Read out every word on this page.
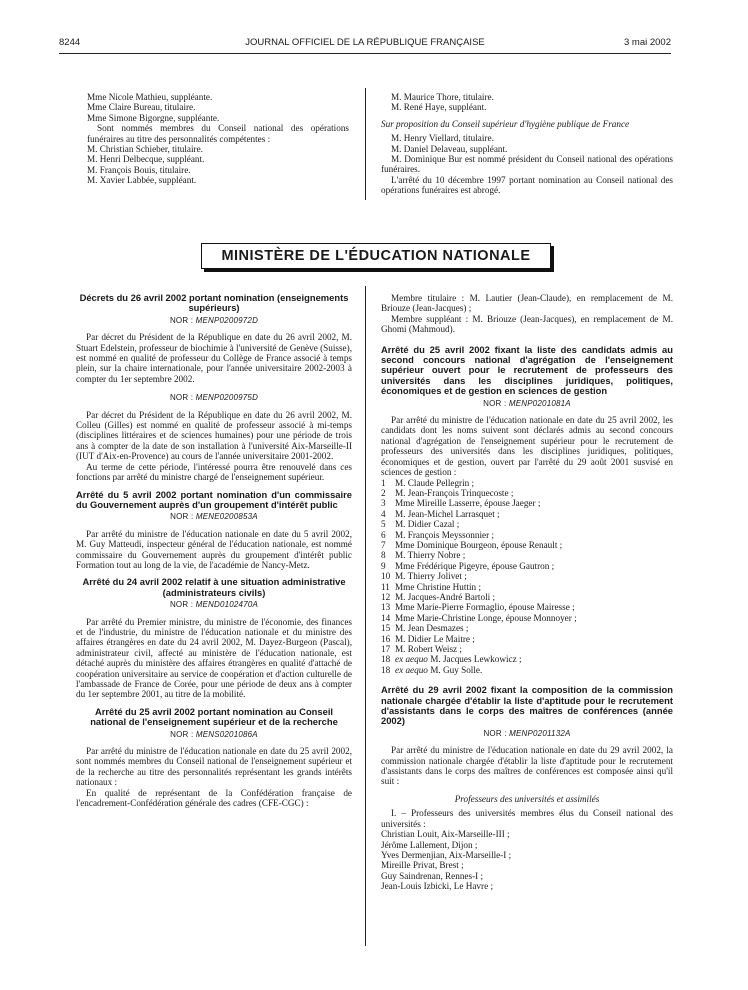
8244	JOURNAL OFFICIEL DE LA RÉPUBLIQUE FRANÇAISE	3 mai 2002

Mme Nicole Mathieu, suppléante.

Mme Claire Bureau, titulaire.

Mme Simone Bigorgne, suppléante.

Sont nommés membres du Conseil national des opérations funéraires au titre des personnalités compétentes :

M. Christian Schieber, titulaire.

M. Henri Delbecque, suppléant.

M. François Bouis, titulaire.

M. Xavier Labbée, suppléant.

M. Maurice Thore, titulaire.

M. René Haye, suppléant.

Sur proposition du Conseil supérieur d'hygiène publique de France

M. Henry Viellard, titulaire.

M. Daniel Delaveau, suppléant.

M. Dominique Bur est nommé président du Conseil national des opérations funéraires.

L'arrêté du 10 décembre 1997 portant nomination au Conseil national des opérations funéraires est abrogé.

MINISTÈRE DE L'ÉDUCATION NATIONALE
Décrets du 26 avril 2002 portant nomination (enseignements supérieurs)
NOR : MENP0200972D

Par décret du Président de la République en date du 26 avril 2002, M. Stuart Edelstein, professeur de biochimie à l'université de Genève (Suisse), est nommé en qualité de professeur du Collège de France associé à temps plein, sur la chaire internationale, pour l'année universitaire 2002-2003 à compter du 1er septembre 2002.

NOR : MENP0200975D

Par décret du Président de la République en date du 26 avril 2002, M. Colleu (Gilles) est nommé en qualité de professeur associé à mi-temps (disciplines littéraires et de sciences humaines) pour une période de trois ans à compter de la date de son installation à l'université Aix-Marseille-II (IUT d'Aix-en-Provence) au cours de l'année universitaire 2001-2002.

Au terme de cette période, l'intéressé pourra être renouvelé dans ces fonctions par arrêté du ministre chargé de l'enseignement supérieur.

Arrêté du 5 avril 2002 portant nomination d'un commissaire du Gouvernement auprès d'un groupement d'intérêt public
NOR : MENE0200853A

Par arrêté du ministre de l'éducation nationale en date du 5 avril 2002, M. Guy Matteudi, inspecteur général de l'éducation nationale, est nommé commissaire du Gouvernement auprès du groupement d'intérêt public Formation tout au long de la vie, de l'académie de Nancy-Metz.

Arrêté du 24 avril 2002 relatif à une situation administrative (administrateurs civils)
NOR : MEND0102470A

Par arrêté du Premier ministre, du ministre de l'économie, des finances et de l'industrie, du ministre de l'éducation nationale et du ministre des affaires étrangères en date du 24 avril 2002, M. Dayez-Burgeon (Pascal), administrateur civil, affecté au ministère de l'éducation nationale, est détaché auprès du ministère des affaires étrangères en qualité d'attaché de coopération universitaire au service de coopération et d'action culturelle de l'ambassade de France de Corée, pour une période de deux ans à compter du 1er septembre 2001, au titre de la mobilité.

Arrêté du 25 avril 2002 portant nomination au Conseil national de l'enseignement supérieur et de la recherche
NOR : MENS0201086A

Par arrêté du ministre de l'éducation nationale en date du 25 avril 2002, sont nommés membres du Conseil national de l'enseignement supérieur et de la recherche au titre des personnalités représentant les grands intérêts nationaux :

En qualité de représentant de la Confédération française de l'encadrement-Confédération générale des cadres (CFE-CGC) :

Membre titulaire : M. Lautier (Jean-Claude), en remplacement de M. Briouze (Jean-Jacques) ;

Membre suppléant : M. Briouze (Jean-Jacques), en remplacement de M. Ghomi (Mahmoud).

Arrêté du 25 avril 2002 fixant la liste des candidats admis au second concours national d'agrégation de l'enseignement supérieur ouvert pour le recrutement de professeurs des universités dans les disciplines juridiques, politiques, économiques et de gestion en sciences de gestion
NOR : MENP0201081A

Par arrêté du ministre de l'éducation nationale en date du 25 avril 2002, les candidats dont les noms suivent sont déclarés admis au second concours national d'agrégation de l'enseignement supérieur pour le recrutement de professeurs des universités dans les disciplines juridiques, politiques, économiques et de gestion, ouvert par l'arrêté du 29 août 2001 susvisé en sciences de gestion :

1	M. Claude Pellegrin ;
2	M. Jean-François Trinquecoste ;
3	Mme Mireille Lasserre, épouse Jaeger ;
4	M. Jean-Michel Larrasquet ;
5	M. Didier Cazal ;
6	M. François Meyssonnier ;
7	Mme Dominique Bourgeon, épouse Renault ;
8	M. Thierry Nobre ;
9	Mme Frédérique Pigeyre, épouse Gautron ;
10 M. Thierry Jolivet ;
11 Mme Christine Huttin ;
12 M. Jacques-André Bartoli ;
13 Mme Marie-Pierre Formaglio, épouse Mairesse ;
14 Mme Marie-Christine Longe, épouse Monnoyer ;
15 M. Jean Desmazes ;
16 M. Didier Le Maitre ;
17 M. Robert Weisz ;
18 ex aequo M. Jacques Lewkowicz ;
18 ex aequo M. Guy Solle.
Arrêté du 29 avril 2002 fixant la composition de la commission nationale chargée d'établir la liste d'aptitude pour le recrutement d'assistants dans le corps des maîtres de conférences (année 2002)
NOR : MENP0201132A

Par arrêté du ministre de l'éducation nationale en date du 29 avril 2002, la commission nationale chargée d'établir la liste d'aptitude pour le recrutement d'assistants dans le corps des maîtres de conférences est composée ainsi qu'il suit :

Professeurs des universités et assimilés

I. – Professeurs des universités membres élus du Conseil national des universités :

Christian Louit, Aix-Marseille-III ;

Jérôme Lallement, Dijon ;

Yves Dermenjian, Aix-Marseille-I ;

Mireille Privat, Brest ;

Guy Saindrenan, Rennes-I ;

Jean-Louis Izbicki, Le Havre ;
